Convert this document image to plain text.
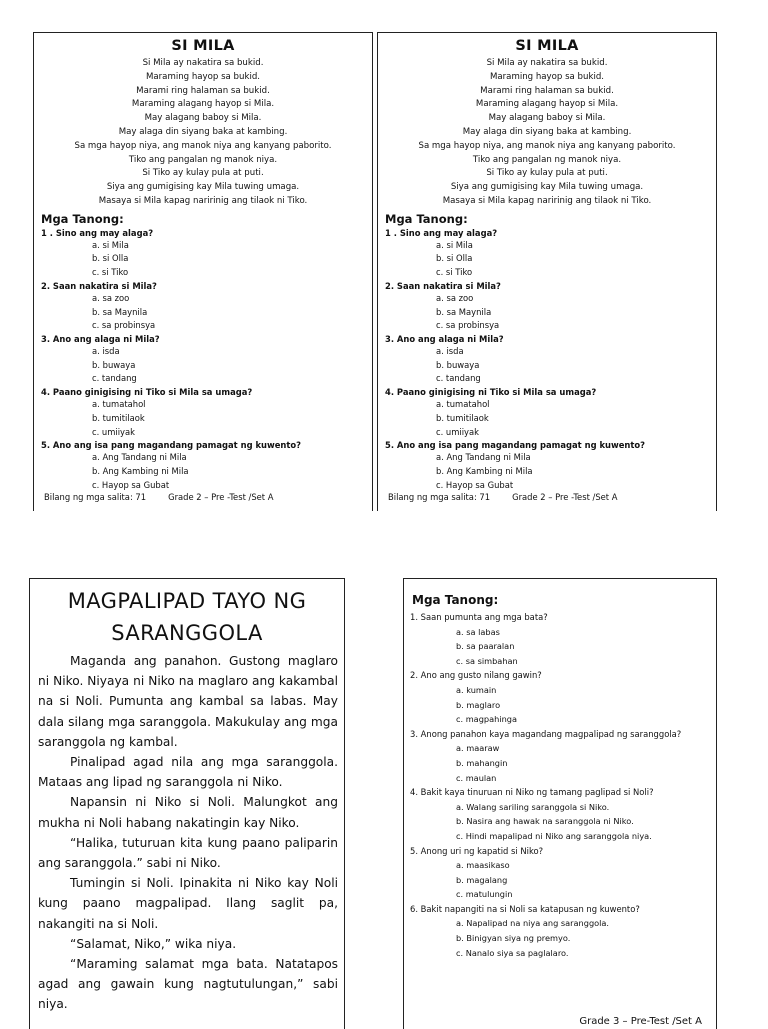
SI MILA
Si Mila ay nakatira sa bukid.
Maraming hayop sa bukid.
Marami ring halaman sa bukid.
Maraming alagang hayop si Mila.
May alagang baboy si Mila.
May alaga din siyang baka at kambing.
Sa mga hayop niya, ang manok niya ang kanyang paborito.
Tiko ang pangalan ng manok niya.
Si Tiko ay kulay pula at puti.
Siya ang gumigising kay Mila tuwing umaga.
Masaya si Mila kapag naririnig ang tilaok ni Tiko.
Mga Tanong:
1 . Sino ang may alaga?
a. si Mila
b. si Olla
c. si Tiko
2. Saan nakatira si Mila?
a. sa zoo
b. sa Maynila
c. sa probinsya
3. Ano ang alaga ni Mila?
a. isda
b. buwaya
c. tandang
4. Paano ginigising ni Tiko si Mila sa umaga?
a. tumatahol
b. tumitilaok
c. umiiyak
5. Ano ang isa pang magandang pamagat ng kuwento?
a. Ang Tandang ni Mila
b. Ang Kambing ni Mila
c. Hayop sa Gubat
Bilang ng mga salita: 71	Grade 2 – Pre -Test /Set A
SI MILA
Si Mila ay nakatira sa bukid.
Maraming hayop sa bukid.
Marami ring halaman sa bukid.
Maraming alagang hayop si Mila.
May alagang baboy si Mila.
May alaga din siyang baka at kambing.
Sa mga hayop niya, ang manok niya ang kanyang paborito.
Tiko ang pangalan ng manok niya.
Si Tiko ay kulay pula at puti.
Siya ang gumigising kay Mila tuwing umaga.
Masaya si Mila kapag naririnig ang tilaok ni Tiko.
Mga Tanong:
1 . Sino ang may alaga?
a. si Mila
b. si Olla
c. si Tiko
2. Saan nakatira si Mila?
a. sa zoo
b. sa Maynila
c. sa probinsya
3. Ano ang alaga ni Mila?
a. isda
b. buwaya
c. tandang
4. Paano ginigising ni Tiko si Mila sa umaga?
a. tumatahol
b. tumitilaok
c. umiiyak
5. Ano ang isa pang magandang pamagat ng kuwento?
a. Ang Tandang ni Mila
b. Ang Kambing ni Mila
c. Hayop sa Gubat
Bilang ng mga salita: 71	Grade 2 – Pre -Test /Set A
MAGPALIPAD TAYO NG
SARANGGOLA

Maganda ang panahon. Gustong maglaro ni Niko. Niyaya ni Niko na maglaro ang kakambal na si Noli. Pumunta ang kambal sa labas. May dala silang mga saranggola. Makukulay ang mga saranggola ng kambal.

Pinalipad agad nila ang mga saranggola. Mataas ang lipad ng saranggola ni Niko.

Napansin ni Niko si Noli. Malungkot ang mukha ni Noli habang nakatingin kay Niko.

“Halika, tuturuan kita kung paano paliparin ang saranggola.” sabi ni Niko.

Tumingin si Noli. Ipinakita ni Niko kay Noli kung paano magpalipad. Ilang saglit pa, nakangiti na si Noli.

“Salamat, Niko,” wika niya.

“Maraming salamat mga bata. Natatapos agad ang gawain kung nagtutulungan,” sabi niya.

Mga Tanong:
1. Saan pumunta ang mga bata?
a. sa labas
b. sa paaralan
c. sa simbahan
2. Ano ang gusto nilang gawin?
a. kumain
b. maglaro
c. magpahinga
3. Anong panahon kaya magandang magpalipad ng saranggola?
a. maaraw
b. mahangin
c. maulan
4. Bakit kaya tinuruan ni Niko ng tamang paglipad si Noli?
a. Walang sariling saranggola si Niko.
b. Nasira ang hawak na saranggola ni Niko.
c. Hindi mapalipad ni Niko ang saranggola niya.
5. Anong uri ng kapatid si Niko?
a. maasikaso
b. magalang
c. matulungin
6. Bakit napangiti na si Noli sa katapusan ng kuwento?
a. Napalipad na niya ang saranggola.
b. Binigyan siya ng premyo.
c. Nanalo siya sa paglalaro.
Grade 3 – Pre-Test /Set A
